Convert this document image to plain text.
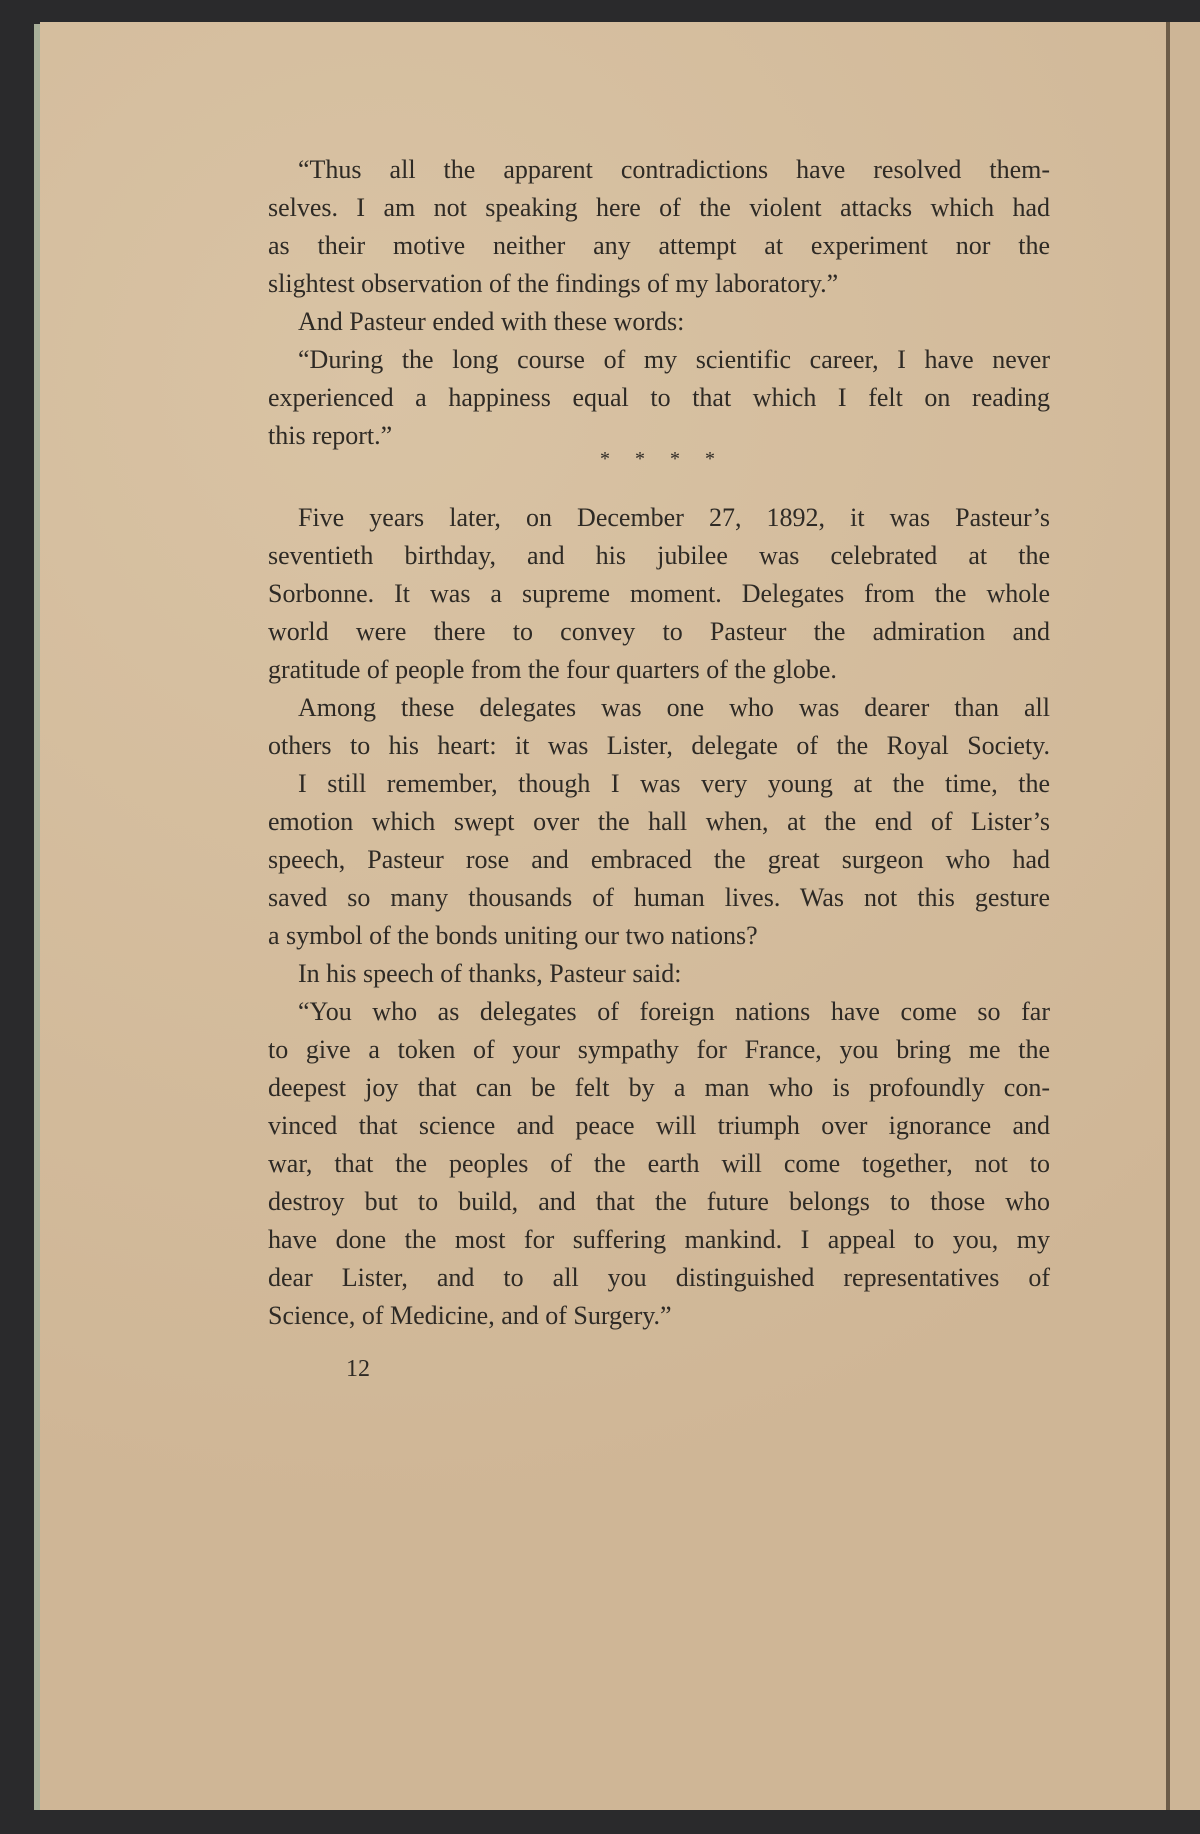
“Thus all the apparent contradictions have resolved them-
selves. I am not speaking here of the violent attacks which had
as their motive neither any attempt at experiment nor the
slightest observation of the findings of my laboratory.”
And Pasteur ended with these words:
“During the long course of my scientific career, I have never
experienced a happiness equal to that which I felt on reading
this report.”
Five years later, on December 27, 1892, it was Pasteur’s
seventieth birthday, and his jubilee was celebrated at the
Sorbonne. It was a supreme moment. Delegates from the whole
world were there to convey to Pasteur the admiration and
gratitude of people from the four quarters of the globe.
Among these delegates was one who was dearer than all
others to his heart: it was Lister, delegate of the Royal Society.
I still remember, though I was very young at the time, the
emotion which swept over the hall when, at the end of Lister’s
speech, Pasteur rose and embraced the great surgeon who had
saved so many thousands of human lives. Was not this gesture
a symbol of the bonds uniting our two nations?
In his speech of thanks, Pasteur said:
“You who as delegates of foreign nations have come so far
to give a token of your sympathy for France, you bring me the
deepest joy that can be felt by a man who is profoundly con-
vinced that science and peace will triumph over ignorance and
war, that the peoples of the earth will come together, not to
destroy but to build, and that the future belongs to those who
have done the most for suffering mankind. I appeal to you, my
dear Lister, and to all you distinguished representatives of
Science, of Medicine, and of Surgery.”
* * * *
12
